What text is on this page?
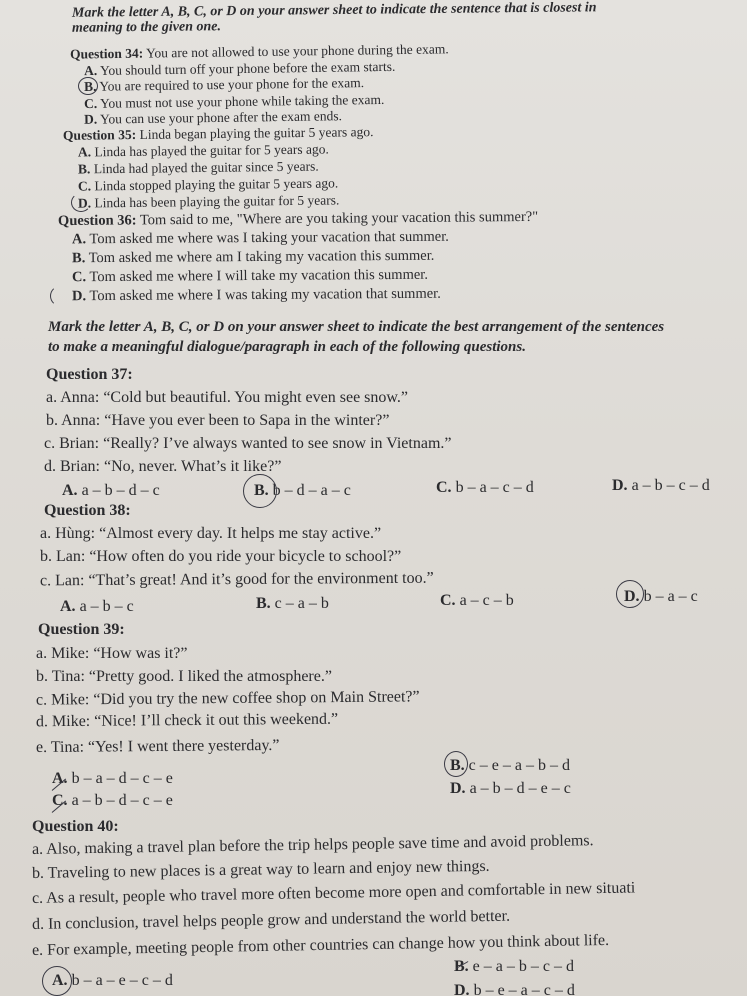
Mark the letter A, B, C, or D on your answer sheet to indicate the sentence that is closest in
meaning to the given one.
Question 34: You are not allowed to use your phone during the exam.
A. You should turn off your phone before the exam starts.
B. You are required to use your phone for the exam.
C. You must not use your phone while taking the exam.
D. You can use your phone after the exam ends.
Question 35: Linda began playing the guitar 5 years ago.
A. Linda has played the guitar for 5 years ago.
B. Linda had played the guitar since 5 years.
C. Linda stopped playing the guitar 5 years ago.
D. Linda has been playing the guitar for 5 years.
Question 36: Tom said to me, "Where are you taking your vacation this summer?"
A. Tom asked me where was I taking your vacation that summer.
B. Tom asked me where am I taking my vacation this summer.
C. Tom asked me where I will take my vacation this summer.
D. Tom asked me where I was taking my vacation that summer.
Mark the letter A, B, C, or D on your answer sheet to indicate the best arrangement of the sentences
to make a meaningful dialogue/paragraph in each of the following questions.
Question 37:
a. Anna: “Cold but beautiful. You might even see snow.”
b. Anna: “Have you ever been to Sapa in the winter?”
c. Brian: “Really? I’ve always wanted to see snow in Vietnam.”
d. Brian: “No, never. What’s it like?”
A. a – b – d – c	B. b – d – a – c	C. b – a – c – d	D. a – b – c – d
Question 38:
a. Hùng: “Almost every day. It helps me stay active.”
b. Lan: “How often do you ride your bicycle to school?”
c. Lan: “That’s great! And it’s good for the environment too.”
A. a – b – c	B. c – a – b	C. a – c – b	D. b – a – c
Question 39:
a. Mike: “How was it?”
b. Tina: “Pretty good. I liked the atmosphere.”
c. Mike: “Did you try the new coffee shop on Main Street?”
d. Mike: “Nice! I’ll check it out this weekend.”
e. Tina: “Yes! I went there yesterday.”
A. b – a – d – c – e
B. c – e – a – b – d
C. a – b – d – c – e
D. a – b – d – e – c
Question 40:
a. Also, making a travel plan before the trip helps people save time and avoid problems.
b. Traveling to new places is a great way to learn and enjoy new things.
c. As a result, people who travel more often become more open and comfortable in new situati
d. In conclusion, travel helps people grow and understand the world better.
e. For example, meeting people from other countries can change how you think about life.
A. b – a – e – c – d
B. e – a – b – c – d
D. b – e – a – c – d
